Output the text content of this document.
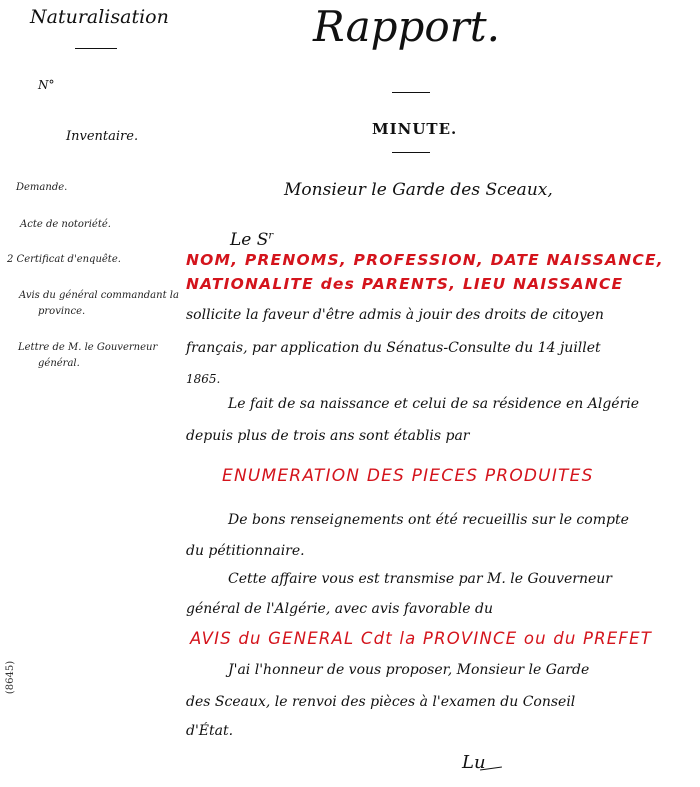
Naturalisation
N°
Inventaire.
Rapport.
MINUTE.
Demande.
Acte de notoriété.
2 Certificat d'enquête.
Avis du général commandant la
province.
Lettre de M. le Gouverneur
général.
(8645)
Monsieur le Garde des Sceaux,
Le $S^r$
NOM, PRENOMS, PROFESSION, DATE NAISSANCE,
NATIONALITE des PARENTS, LIEU NAISSANCE
sollicite la faveur d'être admis à jouir des droits de citoyen
français, par application du Sénatus-Consulte du 14 juillet
1865.
Le fait de sa naissance et celui de sa résidence en Algérie
depuis plus de trois ans sont établis par
ENUMERATION DES PIECES PRODUITES
De bons renseignements ont été recueillis sur le compte
du pétitionnaire.
Cette affaire vous est transmise par M. le Gouverneur
général de l'Algérie, avec avis favorable du
AVIS du GENERAL Cdt la PROVINCE ou du PREFET
J'ai l'honneur de vous proposer, Monsieur le Garde
des Sceaux, le renvoi des pièces à l'examen du Conseil
d'État.
Lu
